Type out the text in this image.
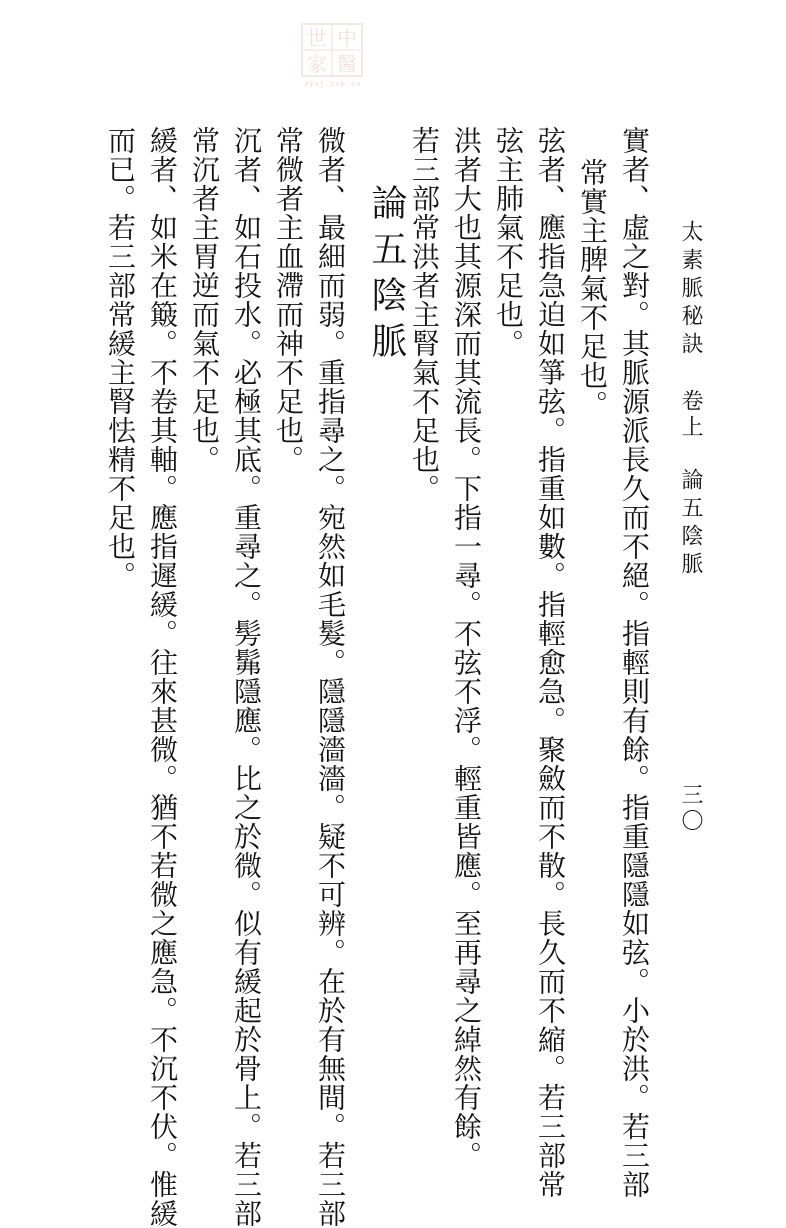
中
醫
世
家
zysj.com.cn
太素脈秘訣 卷上 論五陰脈 三〇
實者、虛之對。其脈源派長久而不絕。指輕則有餘。指重隱隱如弦。小於洪。若三部
常實主脾氣不足也。
弦者、應指急迫如箏弦。指重如數。指輕愈急。聚斂而不散。長久而不縮。若三部常
弦主肺氣不足也。
洪者大也其源深而其流長。下指一尋。不弦不浮。輕重皆應。至再尋之綽然有餘。
若三部常洪者主腎氣不足也。
論五陰脈
微者、最細而弱。重指尋之。宛然如毛髮。隱隱濇濇。疑不可辨。在於有無間。若三部
常微者主血滯而神不足也。
沉者、如石投水。必極其底。重尋之。髣髴隱應。比之於微。似有緩起於骨上。若三部
常沉者主胃逆而氣不足也。
緩者、如米在簸。不卷其軸。應指遲緩。往來甚微。猶不若微之應急。不沉不伏。惟緩
而已。若三部常緩主腎怯精不足也。
